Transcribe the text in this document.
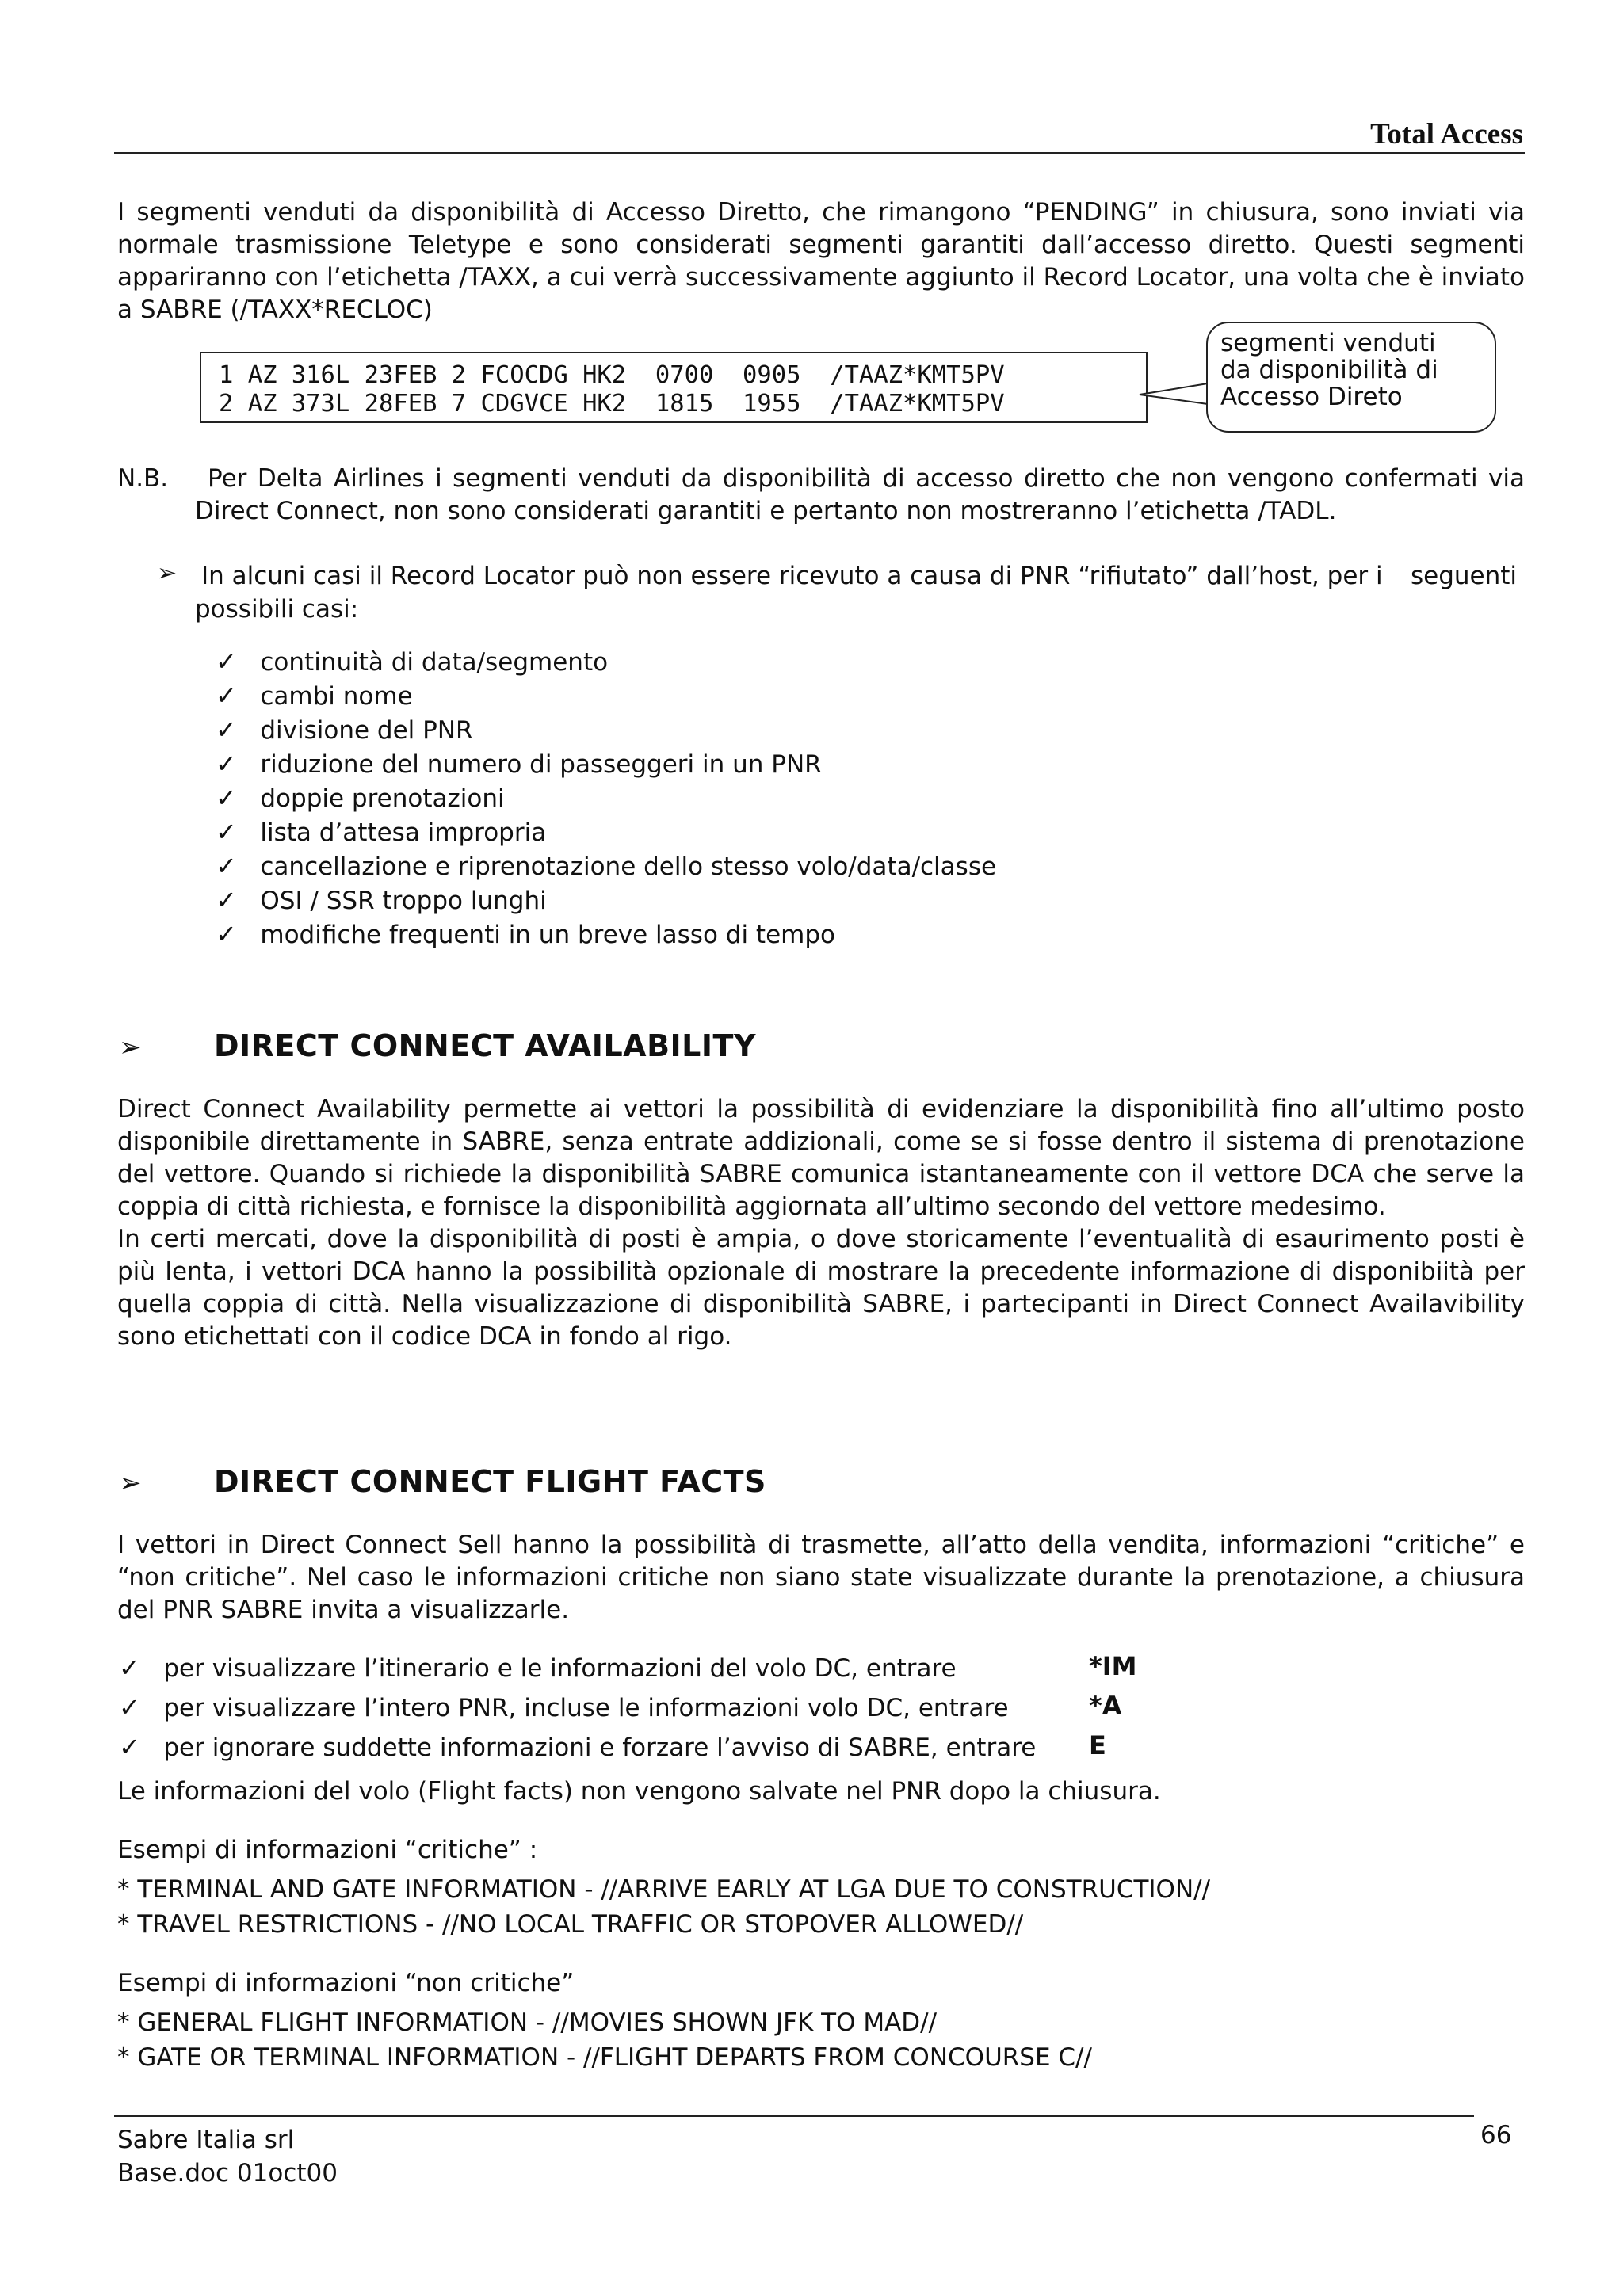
Total Access
I segmenti venduti da disponibilità di Accesso Diretto, che rimangono “PENDING” in chiusura, sono inviati via normale trasmissione Teletype e sono considerati segmenti garantiti dall’accesso diretto. Questi segmenti appariranno con l’etichetta /TAXX, a cui verrà successivamente aggiunto il Record Locator, una volta che è inviato a SABRE (/TAXX*RECLOC)
1 AZ 316L 23FEB 2 FCOCDG HK2  0700  0905  /TAAZ*KMT5PV
2 AZ 373L 28FEB 7 CDGVCE HK2  1815  1955  /TAAZ*KMT5PV
segmenti venduti
da disponibilità di
Accesso Direto
N.B.	Per Delta Airlines i segmenti venduti da disponibilità di accesso diretto che non vengono confermati via Direct Connect, non sono considerati garantiti e pertanto non mostreranno l’etichetta /TADL.
➢ In alcuni casi il Record Locator può non essere ricevuto a causa di PNR “rifiutato” dall’host, per i seguenti
possibili casi:
✓ continuità di data/segmento
✓ cambi nome
✓ divisione del PNR
✓ riduzione del numero di passeggeri in un PNR
✓ doppie prenotazioni
✓ lista d’attesa impropria
✓ cancellazione e riprenotazione dello stesso volo/data/classe
✓ OSI / SSR troppo lunghi
✓ modifiche frequenti in un breve lasso di tempo
➢ DIRECT CONNECT AVAILABILITY
Direct Connect Availability permette ai vettori la possibilità di evidenziare la disponibilità fino all’ultimo posto disponibile direttamente in SABRE, senza entrate addizionali, come se si fosse dentro il sistema di prenotazione del vettore. Quando si richiede la disponibilità SABRE comunica istantaneamente con il vettore DCA che serve la coppia di città richiesta, e fornisce la disponibilità aggiornata all’ultimo secondo del vettore medesimo.
In certi mercati, dove la disponibilità di posti è ampia, o dove storicamente l’eventualità di esaurimento posti è più lenta, i vettori DCA hanno la possibilità opzionale di mostrare la precedente informazione di disponibiità per quella coppia di città. Nella visualizzazione di disponibilità SABRE, i partecipanti in Direct Connect Availavibility sono etichettati con il codice DCA in fondo al rigo.
➢ DIRECT CONNECT FLIGHT FACTS
I vettori in Direct Connect Sell hanno la possibilità di trasmette, all’atto della vendita, informazioni “critiche” e “non critiche”. Nel caso le informazioni critiche non siano state visualizzate durante la prenotazione, a chiusura del PNR SABRE invita a visualizzarle.
✓ per visualizzare l’itinerario e le informazioni del volo DC, entrare	*IM
✓ per visualizzare l’intero PNR, incluse le informazioni volo DC, entrare	*A
✓ per ignorare suddette informazioni e forzare l’avviso di SABRE, entrare E
Le informazioni del volo (Flight facts) non vengono salvate nel PNR dopo la chiusura.
Esempi di informazioni “critiche” :
* TERMINAL AND GATE INFORMATION - //ARRIVE EARLY AT LGA DUE TO CONSTRUCTION//
* TRAVEL RESTRICTIONS - //NO LOCAL TRAFFIC OR STOPOVER ALLOWED//
Esempi di informazioni “non critiche”
* GENERAL FLIGHT INFORMATION - //MOVIES SHOWN JFK TO MAD//
* GATE OR TERMINAL INFORMATION - //FLIGHT DEPARTS FROM CONCOURSE C//
Sabre Italia srl
Base.doc 01oct00
66
